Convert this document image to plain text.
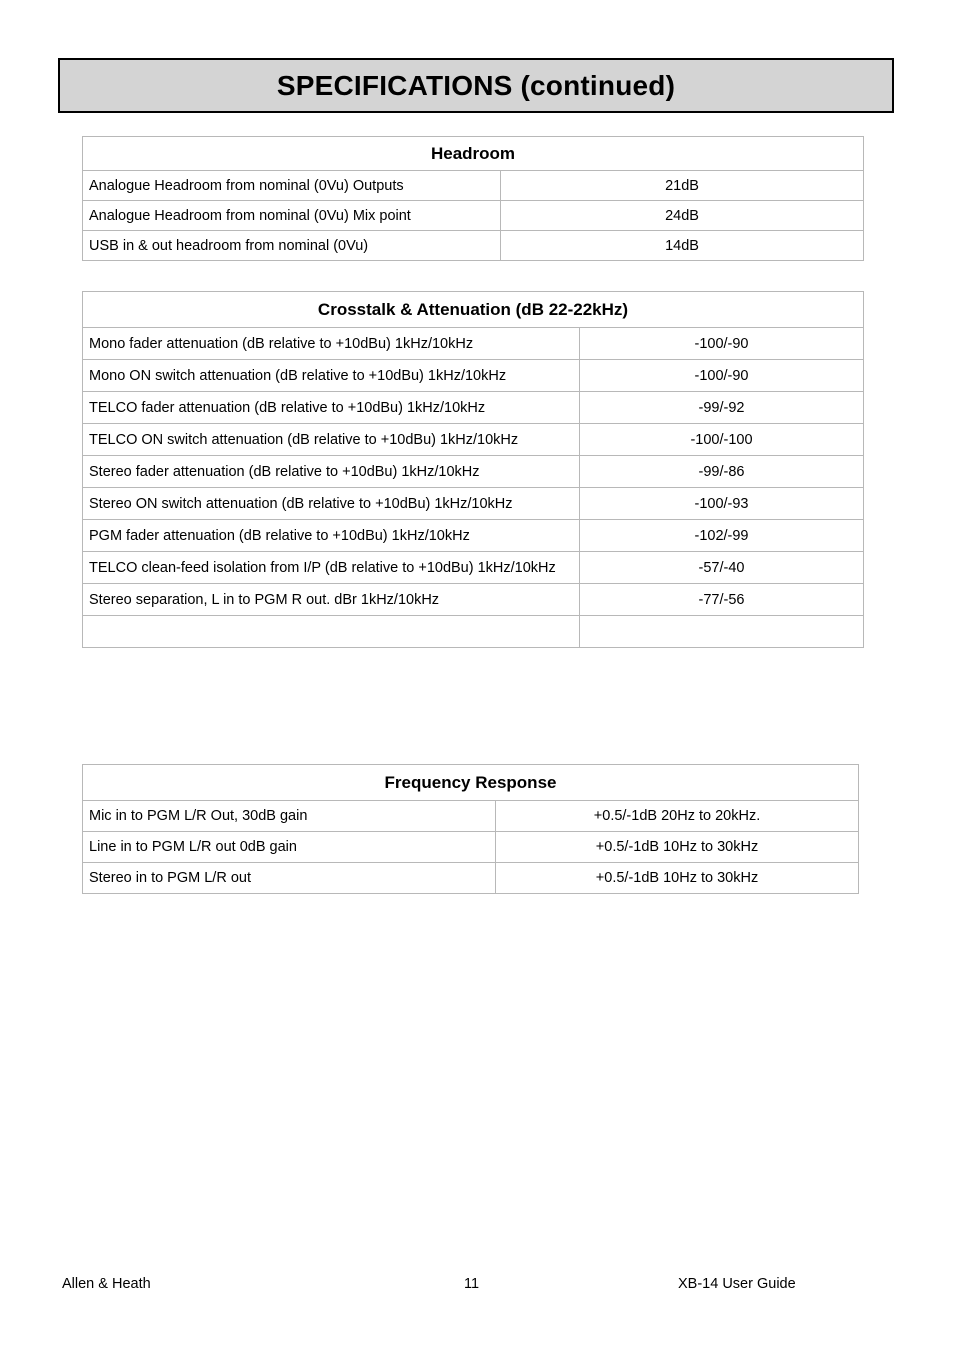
SPECIFICATIONS (continued)
Headroom	
Analogue Headroom from nominal (0Vu) Outputs	21dB
Analogue Headroom from nominal (0Vu) Mix point	24dB
USB in & out headroom from nominal (0Vu)	14dB
Crosstalk & Attenuation (dB 22-22kHz)	
Mono fader attenuation (dB relative to +10dBu) 1kHz/10kHz	-100/-90
Mono ON switch attenuation (dB relative to +10dBu) 1kHz/10kHz	-100/-90
TELCO fader attenuation (dB relative to +10dBu) 1kHz/10kHz	-99/-92
TELCO ON switch attenuation (dB relative to +10dBu) 1kHz/10kHz	-100/-100
Stereo fader attenuation (dB relative to +10dBu) 1kHz/10kHz	-99/-86
Stereo ON switch attenuation (dB relative to +10dBu) 1kHz/10kHz	-100/-93
PGM fader attenuation (dB relative to +10dBu) 1kHz/10kHz	-102/-99
TELCO clean-feed isolation from I/P (dB relative to +10dBu) 1kHz/10kHz	-57/-40
Stereo separation, L in to PGM R out. dBr 1kHz/10kHz	-77/-56

Frequency Response	
Mic in to PGM L/R Out, 30dB gain	+0.5/-1dB 20Hz to 20kHz.
Line in to PGM L/R out 0dB gain	+0.5/-1dB 10Hz to 30kHz
Stereo in to PGM L/R out	+0.5/-1dB 10Hz to 30kHz
Allen & Heath	11	XB-14 User Guide
